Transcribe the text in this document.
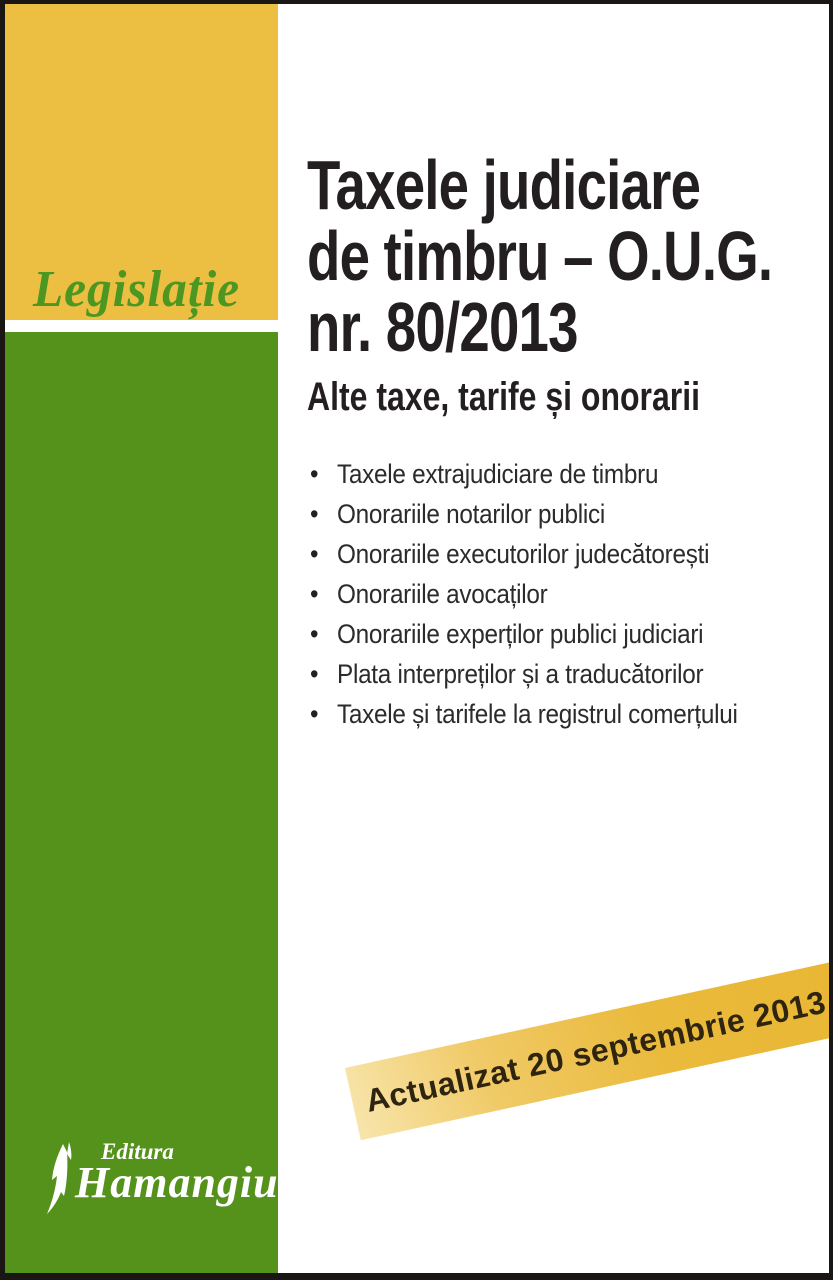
Legislație
Taxele judiciare
de timbru – O.U.G.
nr. 80/2013
Alte taxe, tarife și onorarii
• Taxele extrajudiciare de timbru
• Onorariile notarilor publici
• Onorariile executorilor judecătorești
• Onorariile avocaților
• Onorariile experților publici judiciari
• Plata interpreților și a traducătorilor
• Taxele și tarifele la registrul comerțului
Actualizat 20 septembrie 2013
Editura
Hamangiu
